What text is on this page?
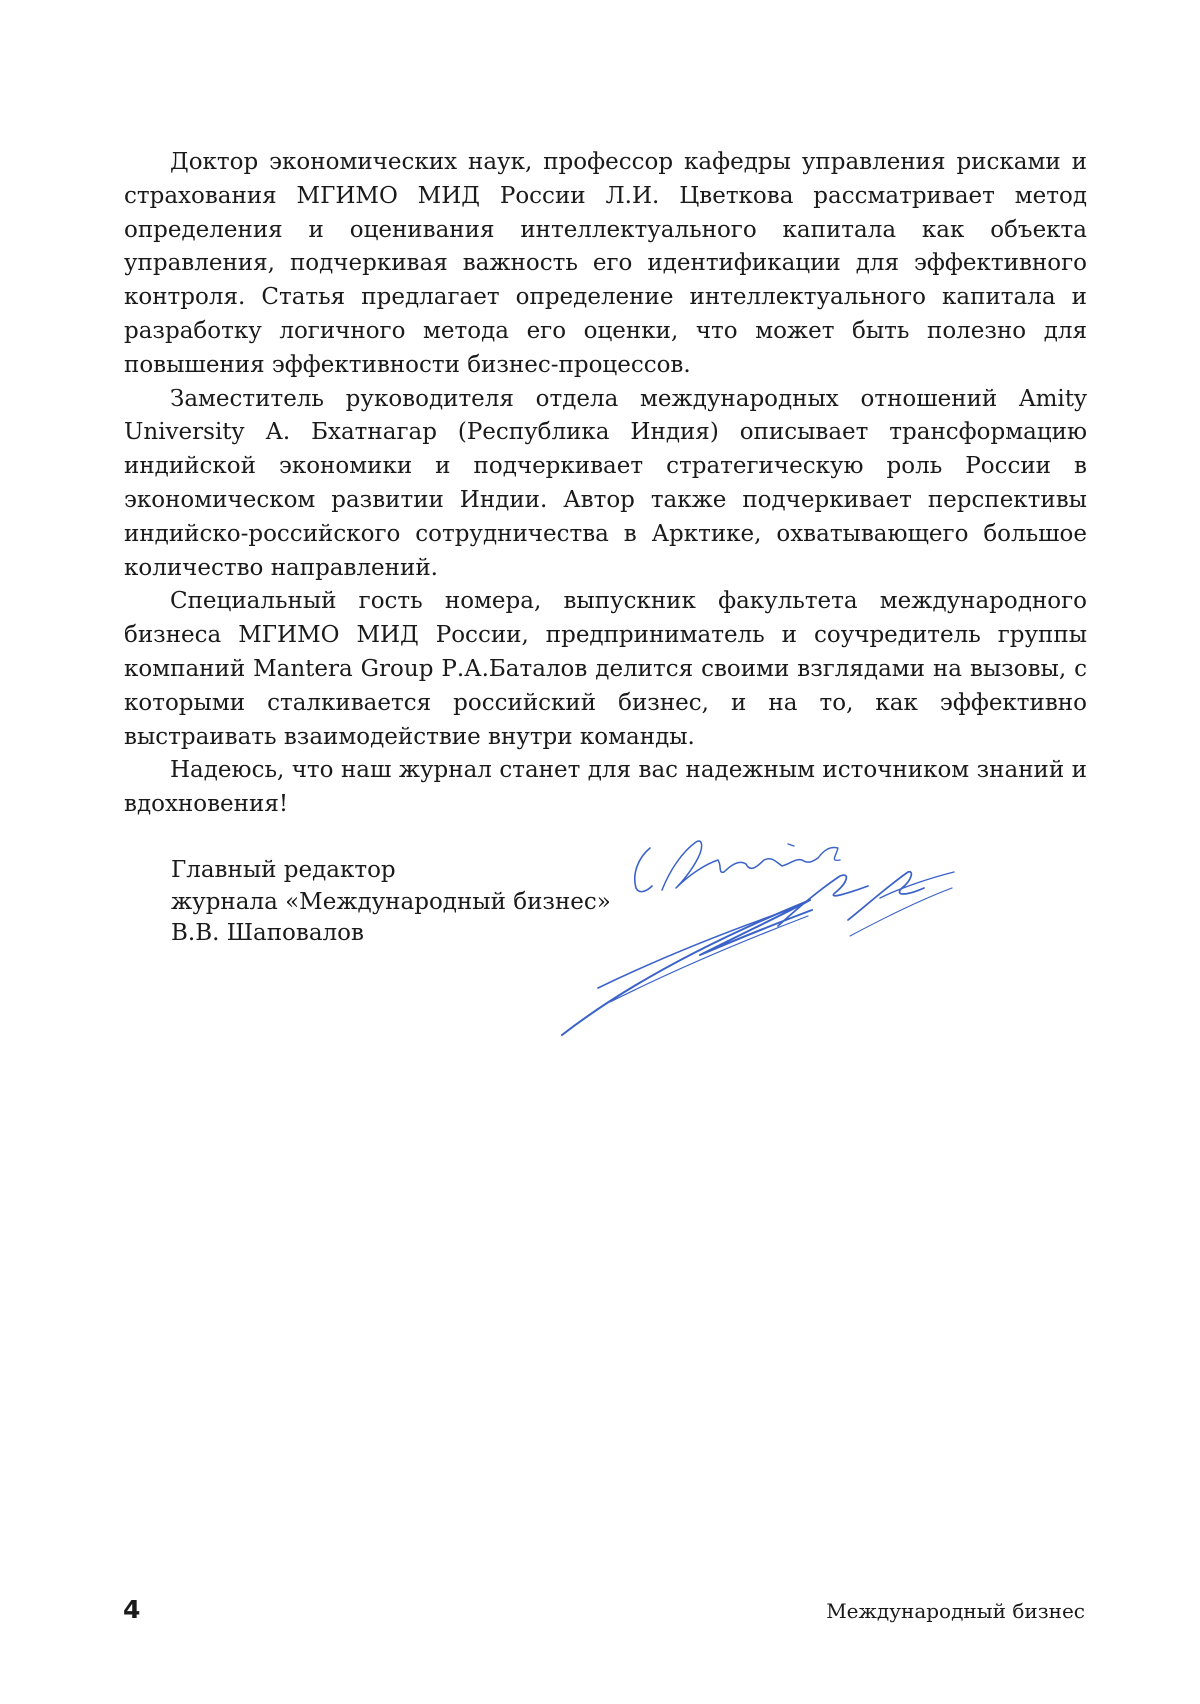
Доктор экономических наук, профессор кафедры управления рисками и страхования МГИМО МИД России Л.И. Цветкова рассматривает метод определения и оценивания интеллектуального капитала как объекта управления, подчеркивая важность его идентификации для эффективного контроля. Статья предлагает определение интеллектуального капитала и разработку логичного метода его оценки, что может быть полезно для повышения эффективности бизнес-процессов.

Заместитель руководителя отдела международных отношений Amity University А. Бхатнагар (Республика Индия) описывает трансформацию индийской экономики и подчеркивает стратегическую роль России в экономическом развитии Индии. Автор также подчеркивает перспективы индийско-российского сотрудничества в Арктике, охватывающего большое количество направлений.

Специальный гость номера, выпускник факультета международного бизнеса МГИМО МИД России, предприниматель и соучредитель группы компаний Mantera Group Р.А.Баталов делится своими взглядами на вызовы, с которыми сталкивается российский бизнес, и на то, как эффективно выстраивать взаимодействие внутри команды.

Надеюсь, что наш журнал станет для вас надежным источником знаний и вдохновения!

Главный редактор
журнала «Международный бизнес»
В.В. Шаповалов
4	Международный бизнес
